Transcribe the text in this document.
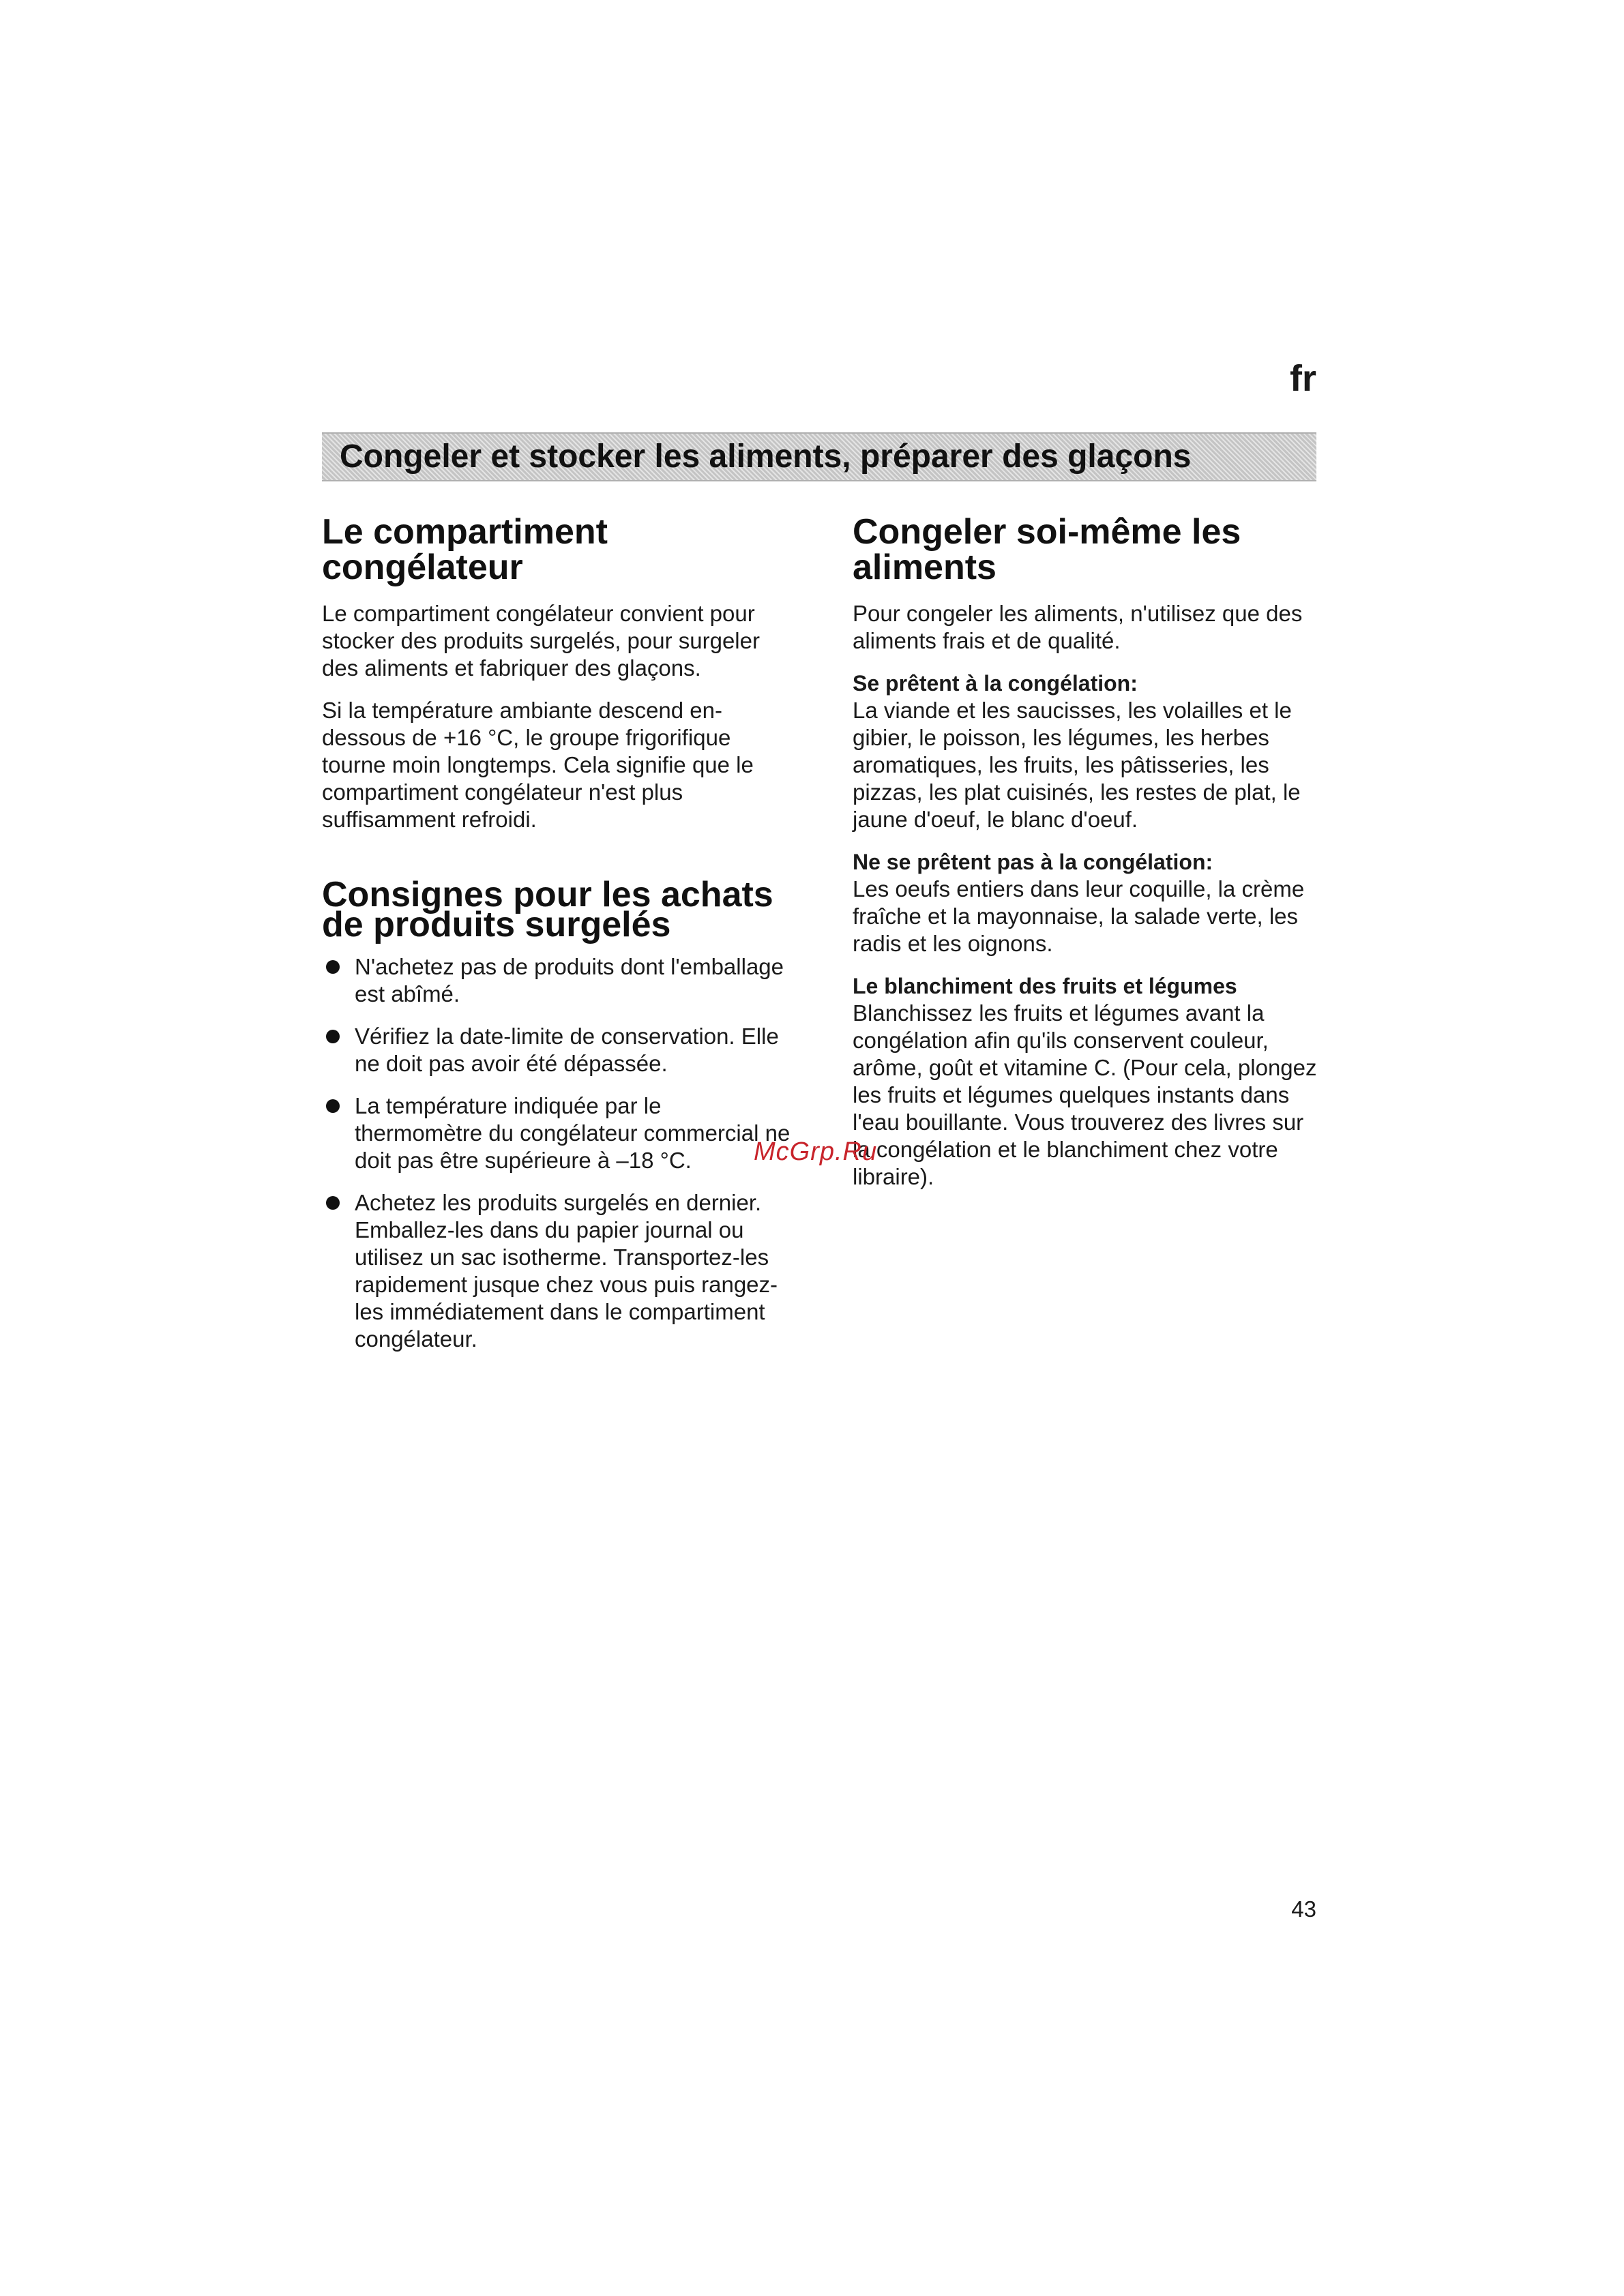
fr
Congeler et stocker les aliments, préparer des glaçons
Le compartiment
congélateur

Le compartiment congélateur convient pour stocker des produits surgelés, pour surgeler des aliments et fabriquer des glaçons.

Si la température ambiante descend en-dessous de +16 °C, le groupe frigorifique tourne moin longtemps. Cela signifie que le compartiment congélateur n'est plus suffisamment refroidi.

Consignes pour les achats
de produits surgelés
N'achetez pas de produits dont l'emballage est abîmé.
Vérifiez la date-limite de conservation. Elle ne doit pas avoir été dépassée.
La température indiquée par le thermomètre du congélateur commercial ne doit pas être supérieure à –18 °C.
Achetez les produits surgelés en dernier. Emballez-les dans du papier journal ou utilisez un sac isotherme. Transportez-les rapidement jusque chez vous puis rangez-les immédiatement dans le compartiment congélateur.
Congeler soi-même les
aliments

Pour congeler les aliments, n'utilisez que des aliments frais et de qualité.

Se prêtent à la congélation:

La viande et les saucisses, les volailles et le gibier, le poisson, les légumes, les herbes aromatiques, les fruits, les pâtisseries, les pizzas, les plat cuisinés, les restes de plat, le jaune d'oeuf, le blanc d'oeuf.

Ne se prêtent pas à la congélation:

Les oeufs entiers dans leur coquille, la crème fraîche et la mayonnaise, la salade verte, les radis et les oignons.

Le blanchiment des fruits et légumes

Blanchissez les fruits et légumes avant la congélation afin qu'ils conservent couleur, arôme, goût et vitamine C. (Pour cela, plongez les fruits et légumes quelques instants dans l'eau bouillante. Vous trouverez des livres sur la congélation et le blanchiment chez votre libraire).

McGrp.Ru
43
